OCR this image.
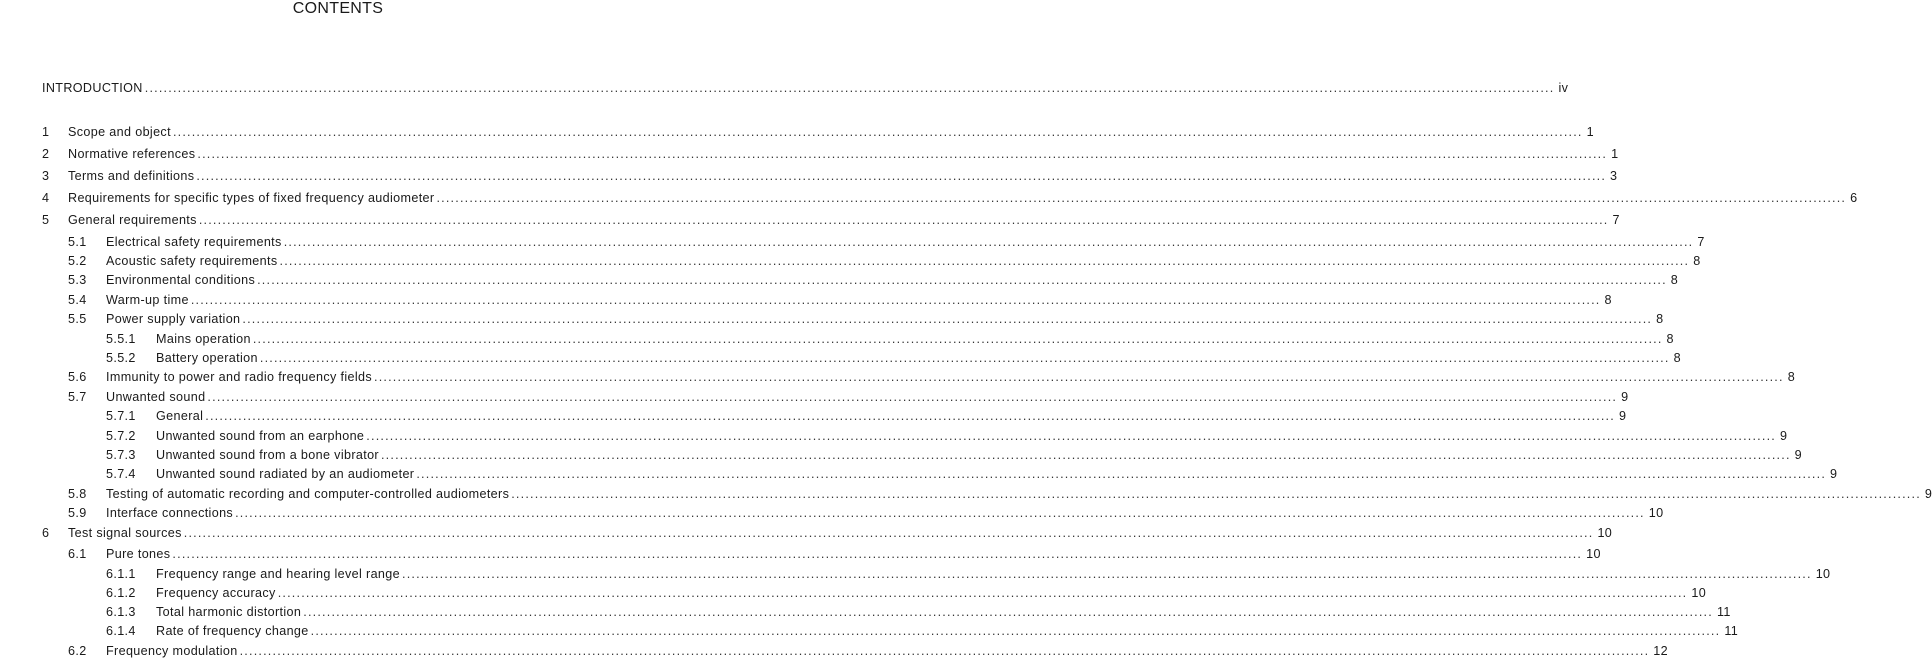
CONTENTS
INTRODUCTION ............................................................................................................................................................................................................................................................................................................ iv
1	Scope and object ............................................................................................................................................................................................................................................................................................................ 1
2	Normative references ............................................................................................................................................................................................................................................................................................................ 1
3	Terms and definitions ............................................................................................................................................................................................................................................................................................................ 3
4	Requirements for specific types of fixed frequency audiometer ............................................................................................................................................................................................................................................................................................................ 6
5	General requirements ............................................................................................................................................................................................................................................................................................................ 7
5.1	Electrical safety requirements ............................................................................................................................................................................................................................................................................................................ 7
5.2	Acoustic safety requirements ............................................................................................................................................................................................................................................................................................................ 8
5.3	Environmental conditions ............................................................................................................................................................................................................................................................................................................ 8
5.4	Warm-up time ............................................................................................................................................................................................................................................................................................................ 8
5.5	Power supply variation ............................................................................................................................................................................................................................................................................................................ 8
5.5.1	Mains operation ............................................................................................................................................................................................................................................................................................................ 8
5.5.2	Battery operation ............................................................................................................................................................................................................................................................................................................ 8
5.6	Immunity to power and radio frequency fields ............................................................................................................................................................................................................................................................................................................ 8
5.7	Unwanted sound ............................................................................................................................................................................................................................................................................................................ 9
5.7.1	General ............................................................................................................................................................................................................................................................................................................ 9
5.7.2	Unwanted sound from an earphone ............................................................................................................................................................................................................................................................................................................ 9
5.7.3	Unwanted sound from a bone vibrator ............................................................................................................................................................................................................................................................................................................ 9
5.7.4	Unwanted sound radiated by an audiometer ............................................................................................................................................................................................................................................................................................................ 9
5.8	Testing of automatic recording and computer-controlled audiometers ............................................................................................................................................................................................................................................................................................................ 9
5.9	Interface connections ............................................................................................................................................................................................................................................................................................................ 10
6	Test signal sources ............................................................................................................................................................................................................................................................................................................ 10
6.1	Pure tones ............................................................................................................................................................................................................................................................................................................ 10
6.1.1	Frequency range and hearing level range ............................................................................................................................................................................................................................................................................................................ 10
6.1.2	Frequency accuracy ............................................................................................................................................................................................................................................................................................................ 10
6.1.3	Total harmonic distortion ............................................................................................................................................................................................................................................................................................................ 11
6.1.4	Rate of frequency change ............................................................................................................................................................................................................................................................................................................ 11
6.2	Frequency modulation ............................................................................................................................................................................................................................................................................................................ 12
